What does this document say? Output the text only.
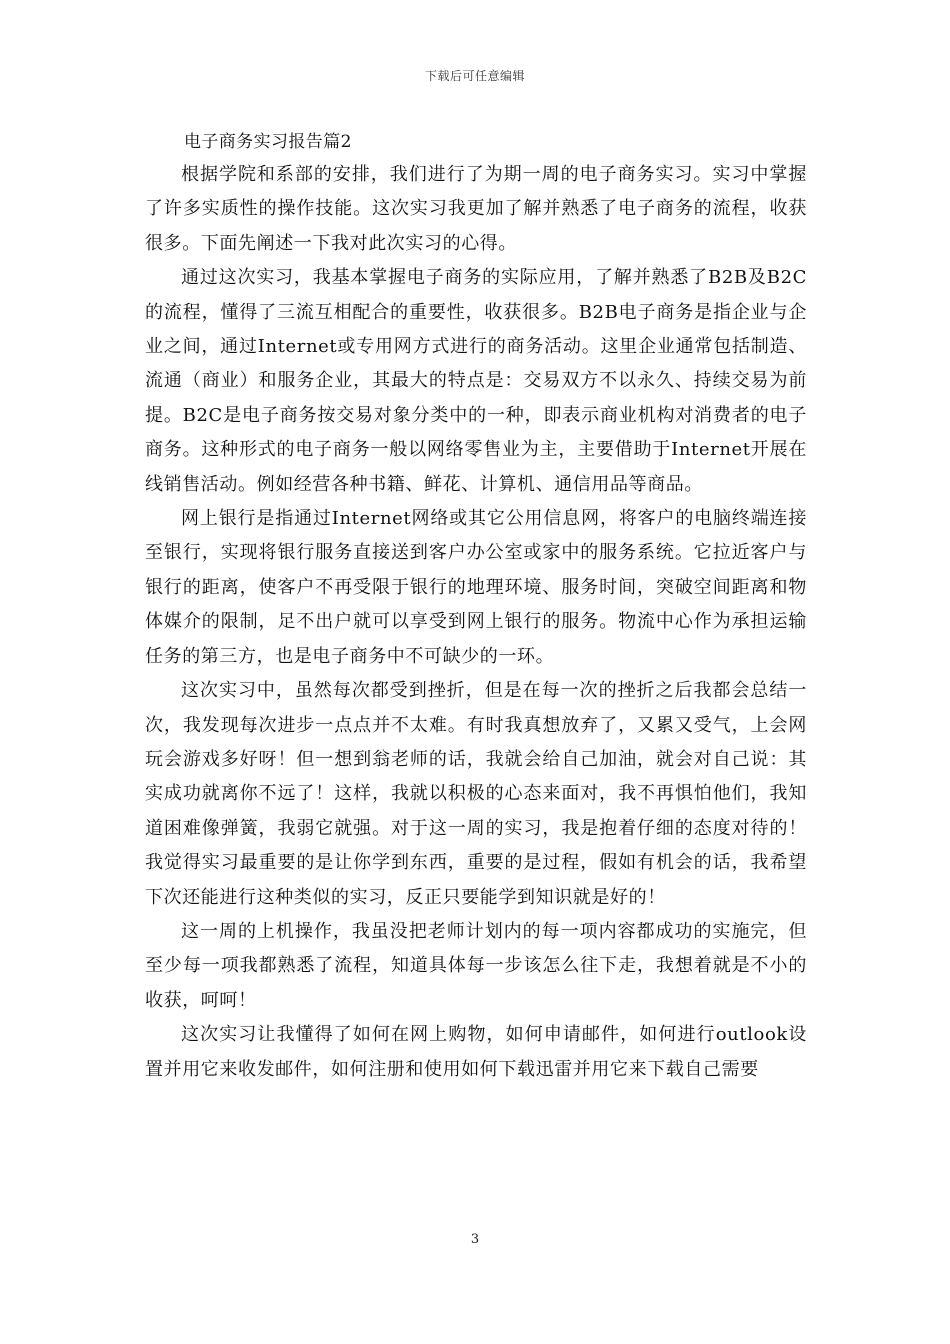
下载后可任意编辑
电子商务实习报告篇2

根据学院和系部的安排，我们进行了为期一周的电子商务实习。实习中掌握了许多实质性的操作技能。这次实习我更加了解并熟悉了电子商务的流程，收获很多。下面先阐述一下我对此次实习的心得。

通过这次实习，我基本掌握电子商务的实际应用，了解并熟悉了B2B及B2C的流程，懂得了三流互相配合的重要性，收获很多。B2B电子商务是指企业与企业之间，通过Internet或专用网方式进行的商务活动。这里企业通常包括制造、流通（商业）和服务企业，其最大的特点是：交易双方不以永久、持续交易为前提。B2C是电子商务按交易对象分类中的一种，即表示商业机构对消费者的电子商务。这种形式的电子商务一般以网络零售业为主，主要借助于Internet开展在线销售活动。例如经营各种书籍、鲜花、计算机、通信用品等商品。

网上银行是指通过Internet网络或其它公用信息网，将客户的电脑终端连接至银行，实现将银行服务直接送到客户办公室或家中的服务系统。它拉近客户与银行的距离，使客户不再受限于银行的地理环境、服务时间，突破空间距离和物体媒介的限制，足不出户就可以享受到网上银行的服务。物流中心作为承担运输任务的第三方，也是电子商务中不可缺少的一环。

这次实习中，虽然每次都受到挫折，但是在每一次的挫折之后我都会总结一次，我发现每次进步一点点并不太难。有时我真想放弃了，又累又受气，上会网玩会游戏多好呀！但一想到翁老师的话，我就会给自己加油，就会对自己说：其实成功就离你不远了！这样，我就以积极的心态来面对，我不再惧怕他们，我知道困难像弹簧，我弱它就强。对于这一周的实习，我是抱着仔细的态度对待的！我觉得实习最重要的是让你学到东西，重要的是过程，假如有机会的话，我希望下次还能进行这种类似的实习，反正只要能学到知识就是好的！

这一周的上机操作，我虽没把老师计划内的每一项内容都成功的实施完，但至少每一项我都熟悉了流程，知道具体每一步该怎么往下走，我想着就是不小的收获，呵呵！

这次实习让我懂得了如何在网上购物，如何申请邮件，如何进行outlook设置并用它来收发邮件，如何注册和使用如何下载迅雷并用它来下载自己需要

3
